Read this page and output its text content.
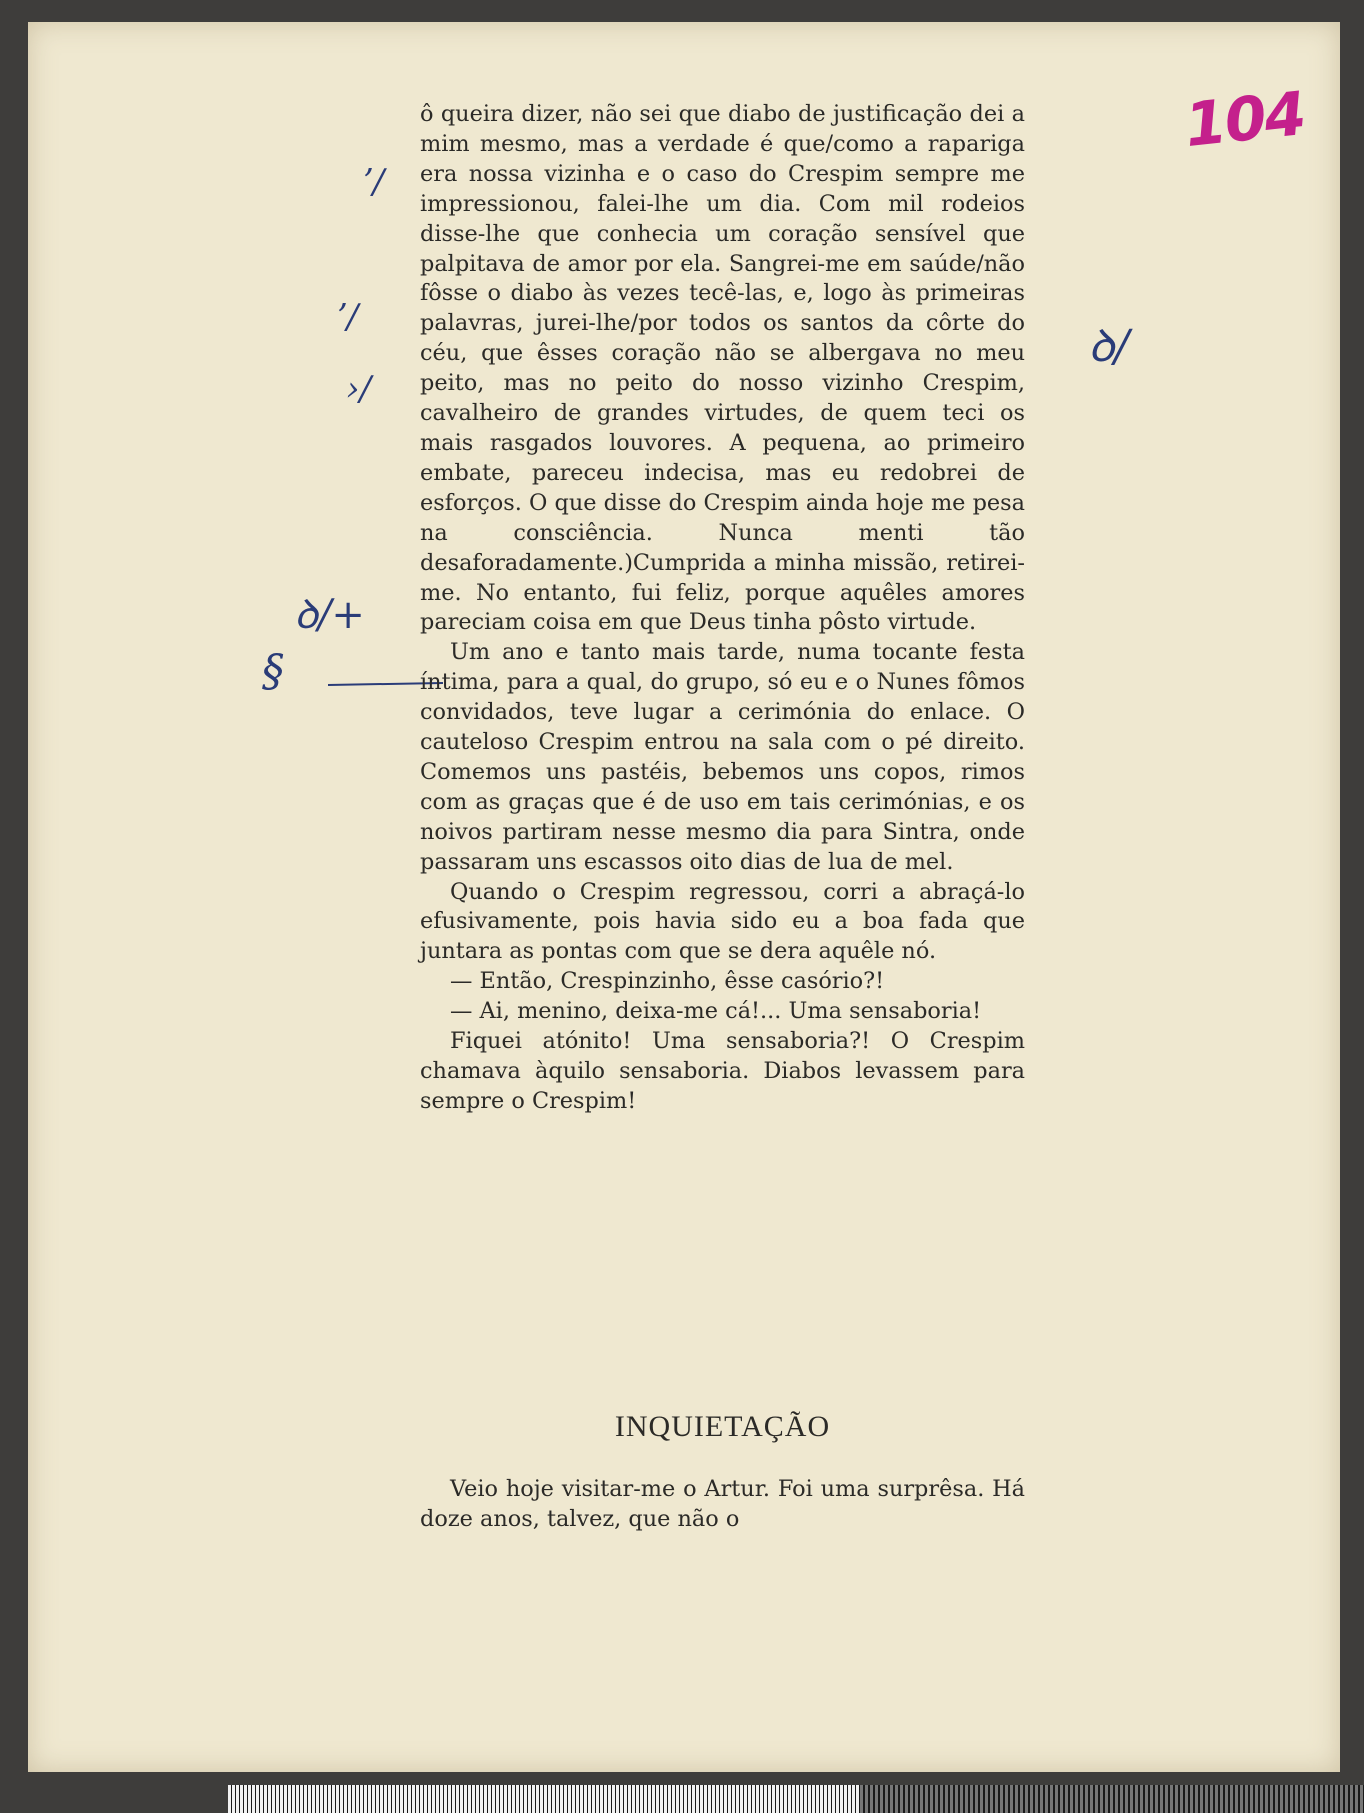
104
ʼ/
ʼ/
›/
ꝺ/+
§
ꝺ/

ô queira dizer, não sei que diabo de justificação dei a mim mesmo, mas a verdade é que/como a rapariga era nossa vizinha e o caso do Crespim sempre me impressionou, falei-lhe um dia. Com mil rodeios disse-lhe que conhecia um coração sensível que palpitava de amor por ela. Sangrei-me em saúde/não fôsse o diabo às vezes tecê-las, e, logo às primeiras palavras, jurei-lhe/por todos os santos da côrte do céu, que êsses coração não se albergava no meu peito, mas no peito do nosso vizinho Crespim, cavalheiro de grandes virtudes, de quem teci os mais rasgados louvores. A pequena, ao primeiro embate, pareceu indecisa, mas eu redobrei de esforços. O que disse do Crespim ainda hoje me pesa na consciência. Nunca menti tão desaforadamente.)Cumprida a minha missão, retirei-me. No entanto, fui feliz, porque aquêles amores pareciam coisa em que Deus tinha pôsto virtude.

Um ano e tanto mais tarde, numa tocante festa íntima, para a qual, do grupo, só eu e o Nunes fômos convidados, teve lugar a cerimónia do enlace. O cauteloso Crespim entrou na sala com o pé direito. Comemos uns pastéis, bebemos uns copos, rimos com as graças que é de uso em tais cerimónias, e os noivos partiram nesse mesmo dia para Sintra, onde passaram uns escassos oito dias de lua de mel.

Quando o Crespim regressou, corri a abraçá-lo efusivamente, pois havia sido eu a boa fada que juntara as pontas com que se dera aquêle nó.

— Então, Crespinzinho, êsse casório?!

— Ai, menino, deixa-me cá!... Uma sensaboria!

Fiquei atónito! Uma sensaboria?! O Crespim chamava àquilo sensaboria. Diabos levassem para sempre o Crespim!

INQUIETAÇÃO

Veio hoje visitar-me o Artur. Foi uma surprêsa. Há doze anos, talvez, que não o
